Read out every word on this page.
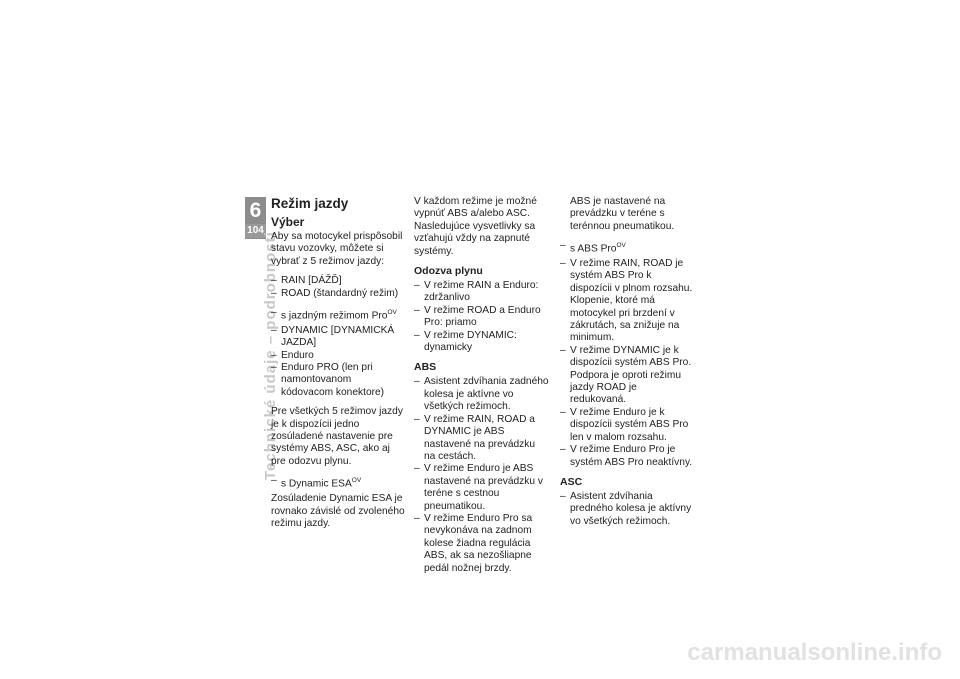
6
104
Technické údaje – podrobnosti
Režim jazdy
Výber

Aby sa motocykel prispôsobil stavu vozovky, môžete si vybrať z 5 režimov jazdy:

– RAIN [DÁŽĎ]
– ROAD (štandardný režim)
– s jazdným režimom Pro$^{OV}$
– DYNAMIC [DYNAMICKÁ JAZDA]
– Enduro
– Enduro PRO (len pri namontovanom kódovacom konektore)

Pre všetkých 5 režimov jazdy je k dispozícii jedno zosúladené nastavenie pre systémy ABS, ASC, ako aj pre odozvu plynu.

– s Dynamic $ESA^{OV}$

Zosúladenie Dynamic ESA je rovnako závislé od zvoleného režimu jazdy.

V každom režime je možné vypnúť ABS a/alebo ASC. Nasledujúce vysvetlivky sa vzťahujú vždy na zapnuté systémy.

Odozva plynu
– V režime RAIN a Enduro: zdržanlivo
– V režime ROAD a Enduro Pro: priamo
– V režime DYNAMIC: dynamicky
ABS
– Asistent zdvíhania zadného kolesa je aktívne vo všetkých režimoch.
– V režime RAIN, ROAD a DYNAMIC je ABS nastavené na prevádzku na cestách.
– V režime Enduro je ABS nastavené na prevádzku v teréne s cestnou pneumatikou.
– V režime Enduro Pro sa nevykonáva na zadnom kolese žiadna regulácia ABS, ak sa nezošliapne pedál nožnej brzdy.
ABS je nastavené na prevádzku v teréne s terénnou pneumatikou.
– s ABS Pro$^{OV}$
– V režime RAIN, ROAD je systém ABS Pro k dispozícii v plnom rozsahu. Klopenie, ktoré má motocykel pri brzdení v zákrutách, sa znižuje na minimum.
– V režime DYNAMIC je k dispozícii systém ABS Pro. Podpora je oproti režimu jazdy ROAD je redukovaná.
– V režime Enduro je k dispozícii systém ABS Pro len v malom rozsahu.
– V režime Enduro Pro je systém ABS Pro neaktívny.
ASC
– Asistent zdvíhania predného kolesa je aktívny vo všetkých režimoch.
carmanualsonline.info
